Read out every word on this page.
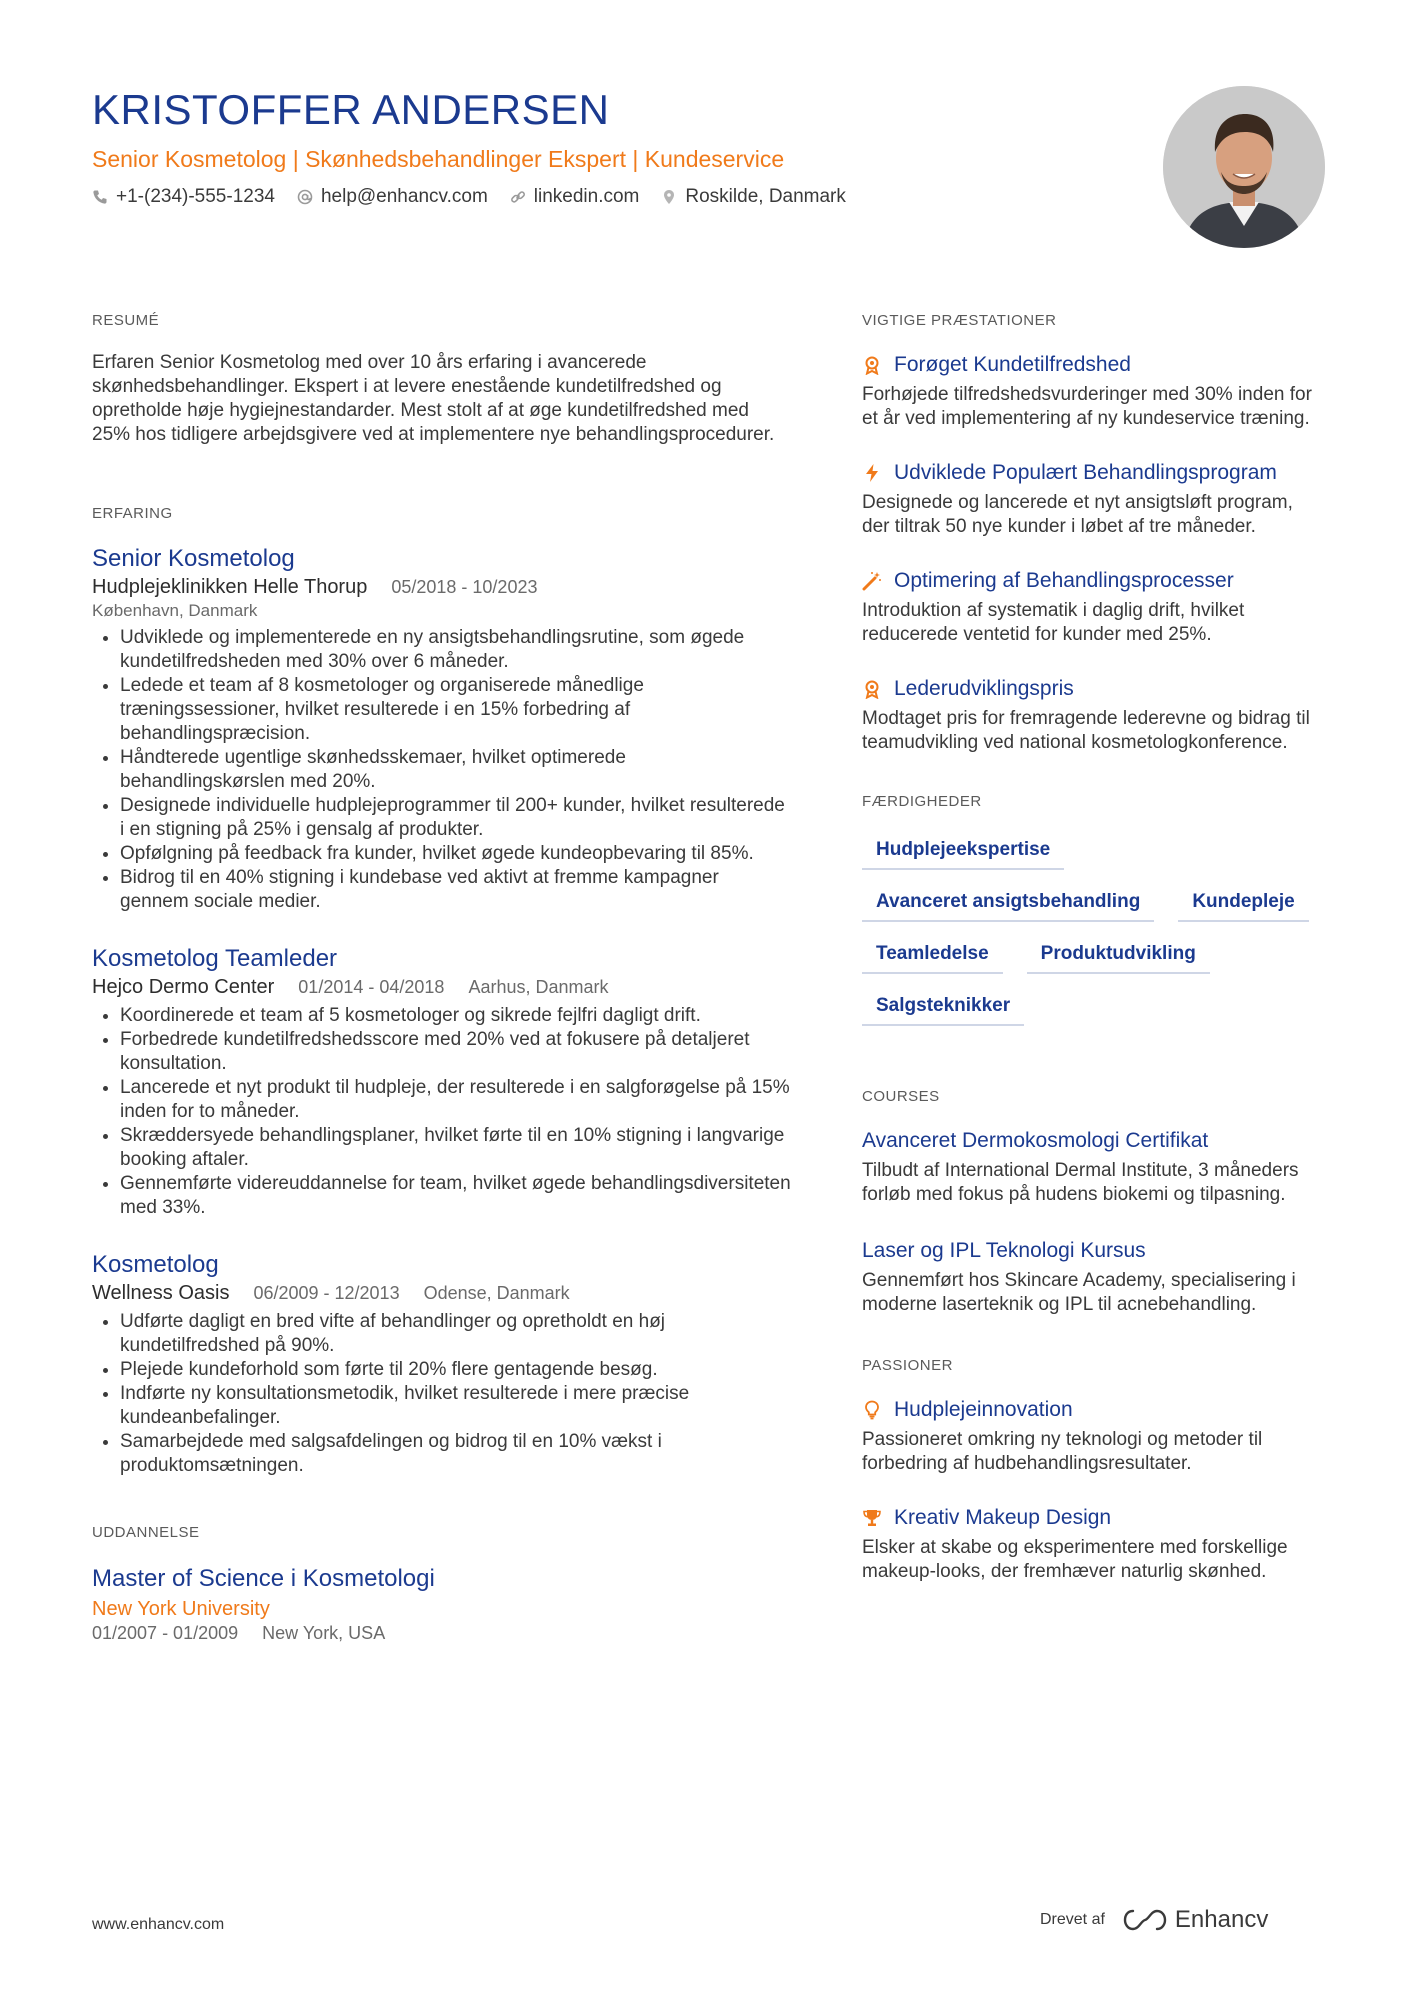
KRISTOFFER ANDERSEN
Senior Kosmetolog | Skønhedsbehandlinger Ekspert | Kundeservice
+1-(234)-555-1234 help@enhancv.com linkedin.com Roskilde, Danmark
RESUMÉ
Erfaren Senior Kosmetolog med over 10 års erfaring i avancerede skønhedsbehandlinger. Ekspert i at levere enestående kundetilfredshed og opretholde høje hygiejnestandarder. Mest stolt af at øge kundetilfredshed med 25% hos tidligere arbejdsgivere ved at implementere nye behandlingsprocedurer.
ERFARING
Senior Kosmetolog
Hudplejeklinikken Helle Thorup 05/2018 - 10/2023
København, Danmark
• Udviklede og implementerede en ny ansigtsbehandlingsrutine, som øgede kundetilfredsheden med 30% over 6 måneder.
• Ledede et team af 8 kosmetologer og organiserede månedlige træningssessioner, hvilket resulterede i en 15% forbedring af behandlingspræcision.
• Håndterede ugentlige skønhedsskemaer, hvilket optimerede behandlingskørslen med 20%.
• Designede individuelle hudplejeprogrammer til 200+ kunder, hvilket resulterede i en stigning på 25% i gensalg af produkter.
• Opfølgning på feedback fra kunder, hvilket øgede kundeopbevaring til 85%.
• Bidrog til en 40% stigning i kundebase ved aktivt at fremme kampagner gennem sociale medier.
Kosmetolog Teamleder
Hejco Dermo Center 01/2014 - 04/2018 Aarhus, Danmark
• Koordinerede et team af 5 kosmetologer og sikrede fejlfri dagligt drift.
• Forbedrede kundetilfredshedsscore med 20% ved at fokusere på detaljeret konsultation.
• Lancerede et nyt produkt til hudpleje, der resulterede i en salgforøgelse på 15% inden for to måneder.
• Skræddersyede behandlingsplaner, hvilket førte til en 10% stigning i langvarige booking aftaler.
• Gennemførte videreuddannelse for team, hvilket øgede behandlingsdiversiteten med 33%.
Kosmetolog
Wellness Oasis 06/2009 - 12/2013 Odense, Danmark
• Udførte dagligt en bred vifte af behandlinger og opretholdt en høj kundetilfredshed på 90%.
• Plejede kundeforhold som førte til 20% flere gentagende besøg.
• Indførte ny konsultationsmetodik, hvilket resulterede i mere præcise kundeanbefalinger.
• Samarbejdede med salgsafdelingen og bidrog til en 10% vækst i produktomsætningen.
UDDANNELSE
Master of Science i Kosmetologi
New York University
01/2007 - 01/2009 New York, USA
VIGTIGE PRÆSTATIONER
Forøget Kundetilfredshed
Forhøjede tilfredshedsvurderinger med 30% inden for et år ved implementering af ny kundeservice træning.
Udviklede Populært Behandlingsprogram
Designede og lancerede et nyt ansigtsløft program, der tiltrak 50 nye kunder i løbet af tre måneder.
Optimering af Behandlingsprocesser
Introduktion af systematik i daglig drift, hvilket reducerede ventetid for kunder med 25%.
Lederudviklingspris
Modtaget pris for fremragende lederevne og bidrag til teamudvikling ved national kosmetologkonference.
FÆRDIGHEDER
Hudplejeekspertise
Avanceret ansigtsbehandling	Kundepleje
Teamledelse	Produktudvikling
Salgsteknikker
COURSES
Avanceret Dermokosmologi Certifikat
Tilbudt af International Dermal Institute, 3 måneders forløb med fokus på hudens biokemi og tilpasning.
Laser og IPL Teknologi Kursus
Gennemført hos Skincare Academy, specialisering i moderne laserteknik og IPL til acnebehandling.
PASSIONER
Hudplejeinnovation
Passioneret omkring ny teknologi og metoder til forbedring af hudbehandlingsresultater.
Kreativ Makeup Design
Elsker at skabe og eksperimentere med forskellige makeup-looks, der fremhæver naturlig skønhed.
www.enhancv.com	Drevet af	Enhancv
